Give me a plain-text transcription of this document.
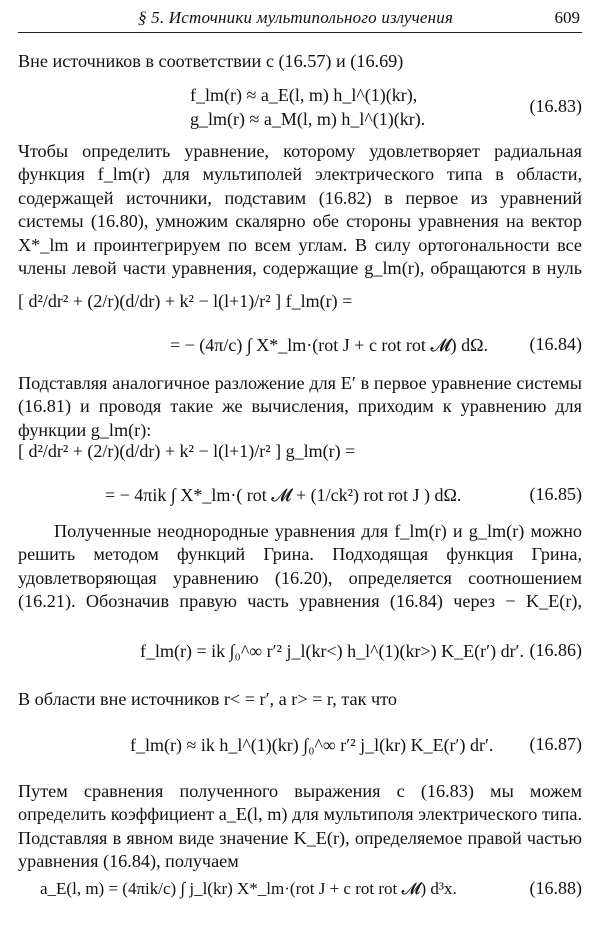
§ 5. Источники мультипольного излучения	609
Вне источников в соответствии с (16.57) и (16.69)
f_lm(r) ≈ a_E(l, m) h_l^(1)(kr),
g_lm(r) ≈ a_M(l, m) h_l^(1)(kr).
(16.83)
Чтобы определить уравнение, которому удовлетворяет радиальная функция f_lm(r) для мультиполей электрического типа в области, содержащей источники, подставим (16.82) в первое из уравнений системы (16.80), умножим скалярно обе стороны уравнения на вектор X*_lm и проинтегрируем по всем углам. В силу ортогональности все члены левой части уравнения, содержащие g_lm(r), обращаются в нуль
[ d²/dr² + (2/r)(d/dr) + k² − l(l+1)/r² ] f_lm(r) =
= − (4π/c) ∫ X*_lm·(rot J + c rot rot 𝓜) dΩ. (16.84)
Подставляя аналогичное разложение для E′ в первое уравнение системы (16.81) и проводя такие же вычисления, приходим к уравнению для функции g_lm(r):
[ d²/dr² + (2/r)(d/dr) + k² − l(l+1)/r² ] g_lm(r) =
= − 4πik ∫ X*_lm·( rot 𝓜 + (1/ck²) rot rot J ) dΩ.	(16.85)
Полученные неоднородные уравнения для f_lm(r) и g_lm(r) можно решить методом функций Грина. Подходящая функция Грина, удовлетворяющая уравнению (16.20), определяется соотношением (16.21). Обозначив правую часть уравнения (16.84) через − K_E(r),
f_lm(r) = ik ∫₀^∞ r′² j_l(kr<) h_l^(1)(kr>) K_E(r′) dr′. (16.86)
В области вне источников r< = r′, а r> = r, так что
f_lm(r) ≈ ik h_l^(1)(kr) ∫₀^∞ r′² j_l(kr) K_E(r′) dr′. (16.87)
Путем сравнения полученного выражения с (16.83) мы можем определить коэффициент a_E(l, m) для мультиполя электрического типа. Подставляя в явном виде значение K_E(r), определяемое правой частью уравнения (16.84), получаем
a_E(l, m) = (4πik/c) ∫ j_l(kr) X*_lm·(rot J + c rot rot 𝓜) d³x.	(16.88)
